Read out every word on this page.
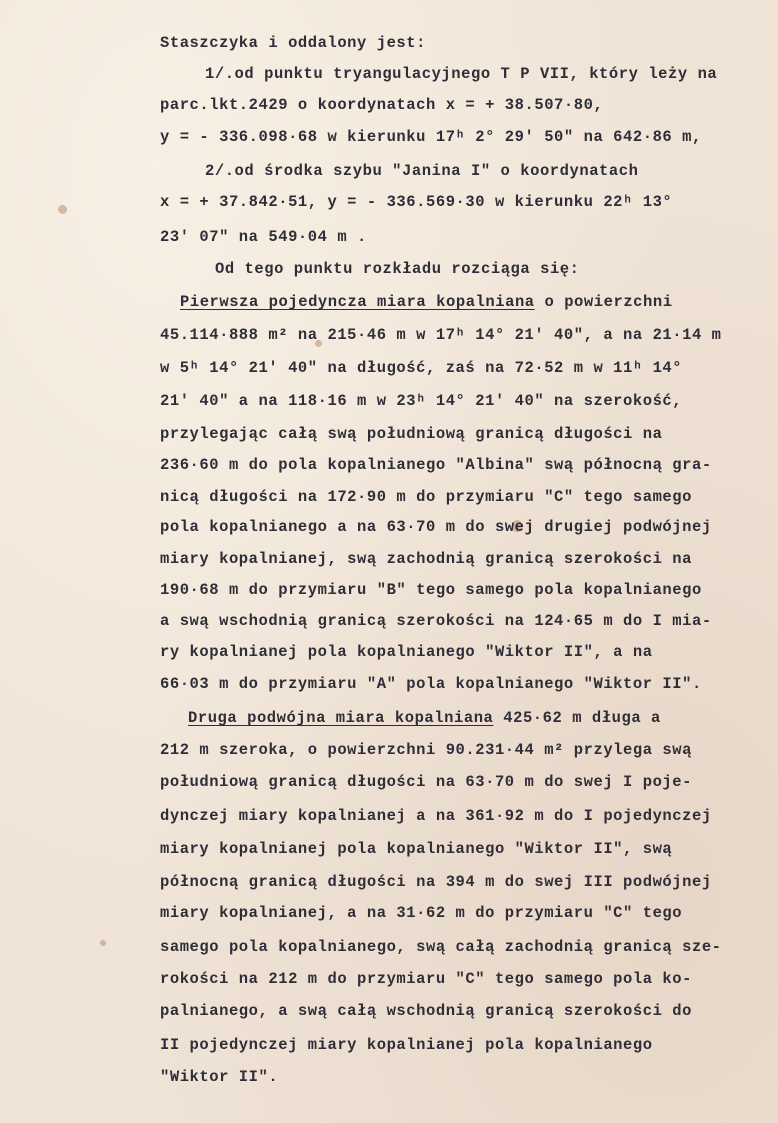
Staszczyka i oddalony jest:
1/.od punktu tryangulacyjnego T P VII, który leży na
parc.lkt.2429 o koordynatach x = + 38.507·80,
y = - 336.098·68 w kierunku 17ʰ 2° 29' 50" na 642·86 m,
2/.od środka szybu "Janina I" o koordynatach
x = + 37.842·51, y = - 336.569·30 w kierunku 22ʰ 13°
23' 07" na 549·04 m .
Od tego punktu rozkładu rozciąga się:
Pierwsza pojedyncza miara kopalniana o powierzchni
45.114·888 m² na 215·46 m w 17ʰ 14° 21' 40", a na 21·14 m
w 5ʰ 14° 21' 40" na długość, zaś na 72·52 m w 11ʰ 14°
21' 40" a na 118·16 m w 23ʰ 14° 21' 40" na szerokość,
przylegając całą swą południową granicą długości na
236·60 m do pola kopalnianego "Albina" swą północną gra-
nicą długości na 172·90 m do przymiaru "C" tego samego
pola kopalnianego a na 63·70 m do swej drugiej podwójnej
miary kopalnianej, swą zachodnią granicą szerokości na
190·68 m do przymiaru "B" tego samego pola kopalnianego
a swą wschodnią granicą szerokości na 124·65 m do I mia-
ry kopalnianej pola kopalnianego "Wiktor II", a na
66·03 m do przymiaru "A" pola kopalnianego "Wiktor II".
Druga podwójna miara kopalniana 425·62 m długa a
212 m szeroka, o powierzchni 90.231·44 m² przylega swą
południową granicą długości na 63·70 m do swej I poje-
dynczej miary kopalnianej a na 361·92 m do I pojedynczej
miary kopalnianej pola kopalnianego "Wiktor II", swą
północną granicą długości na 394 m do swej III podwójnej
miary kopalnianej, a na 31·62 m do przymiaru "C" tego
samego pola kopalnianego, swą całą zachodnią granicą sze-
rokości na 212 m do przymiaru "C" tego samego pola ko-
palnianego, a swą całą wschodnią granicą szerokości do
II pojedynczej miary kopalnianej pola kopalnianego
"Wiktor II".
